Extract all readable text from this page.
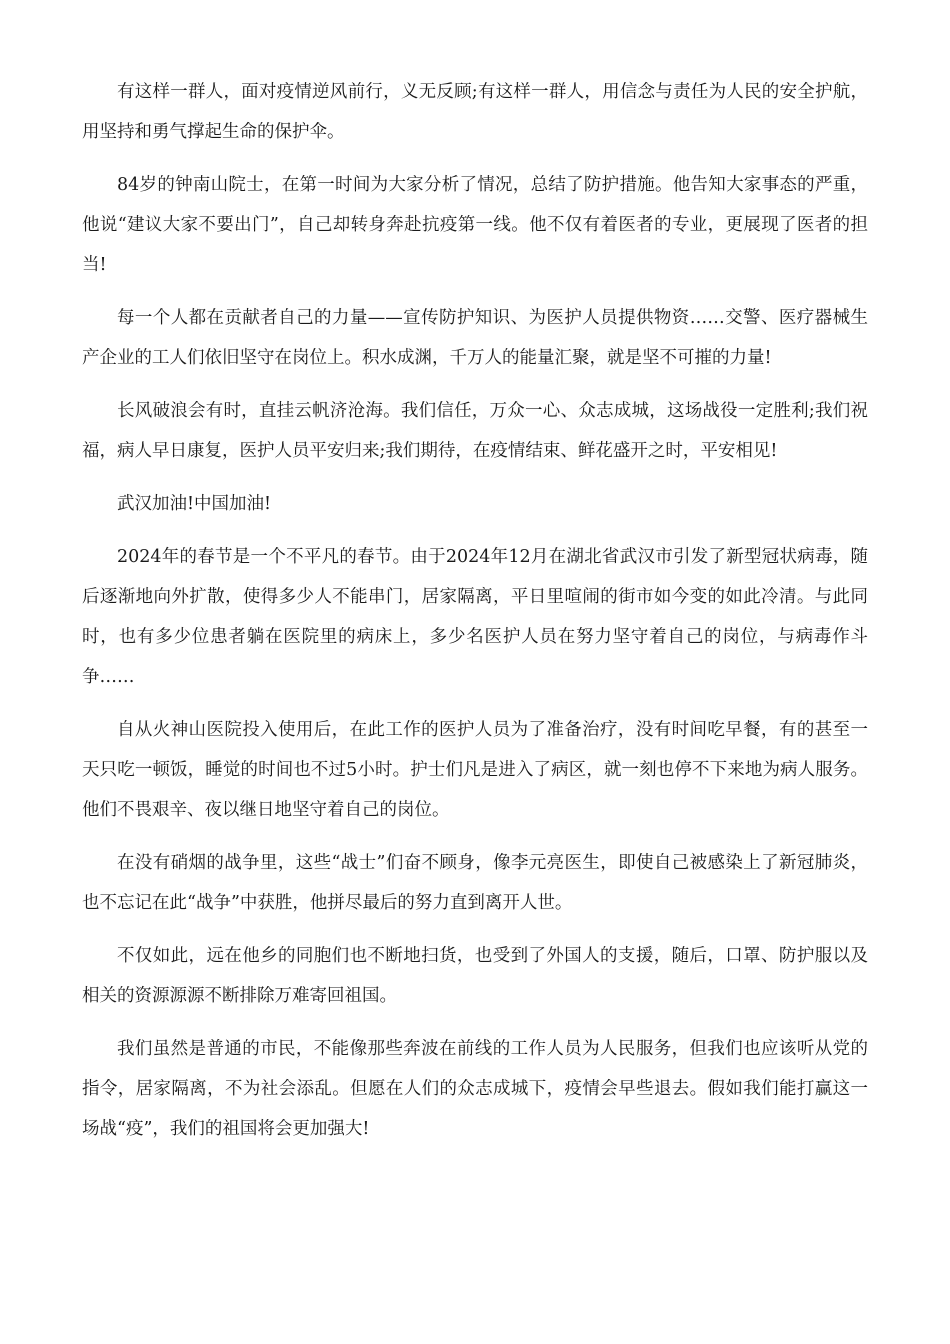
有这样一群人，面对疫情逆风前行，义无反顾;有这样一群人，用信念与责任为人民的安全护航，用坚持和勇气撑起生命的保护伞。

84岁的钟南山院士，在第一时间为大家分析了情况，总结了防护措施。他告知大家事态的严重，他说“建议大家不要出门”，自己却转身奔赴抗疫第一线。他不仅有着医者的专业，更展现了医者的担当!

每一个人都在贡献者自己的力量——宣传防护知识、为医护人员提供物资……交警、医疗器械生产企业的工人们依旧坚守在岗位上。积水成渊，千万人的能量汇聚，就是坚不可摧的力量!

长风破浪会有时，直挂云帆济沧海。我们信任，万众一心、众志成城，这场战役一定胜利;我们祝福，病人早日康复，医护人员平安归来;我们期待，在疫情结束、鲜花盛开之时，平安相见!

武汉加油!中国加油!

2024年的春节是一个不平凡的春节。由于2024年12月在湖北省武汉市引发了新型冠状病毒，随后逐渐地向外扩散，使得多少人不能串门，居家隔离，平日里喧闹的街市如今变的如此冷清。与此同时，也有多少位患者躺在医院里的病床上，多少名医护人员在努力坚守着自己的岗位，与病毒作斗争……

自从火神山医院投入使用后，在此工作的医护人员为了准备治疗，没有时间吃早餐，有的甚至一天只吃一顿饭，睡觉的时间也不过5小时。护士们凡是进入了病区，就一刻也停不下来地为病人服务。他们不畏艰辛、夜以继日地坚守着自己的岗位。

在没有硝烟的战争里，这些“战士”们奋不顾身，像李元亮医生，即使自己被感染上了新冠肺炎，也不忘记在此“战争”中获胜，他拼尽最后的努力直到离开人世。

不仅如此，远在他乡的同胞们也不断地扫货，也受到了外国人的支援，随后，口罩、防护服以及相关的资源源源不断排除万难寄回祖国。

我们虽然是普通的市民，不能像那些奔波在前线的工作人员为人民服务，但我们也应该听从党的指令，居家隔离，不为社会添乱。但愿在人们的众志成城下，疫情会早些退去。假如我们能打赢这一场战“疫”，我们的祖国将会更加强大!
